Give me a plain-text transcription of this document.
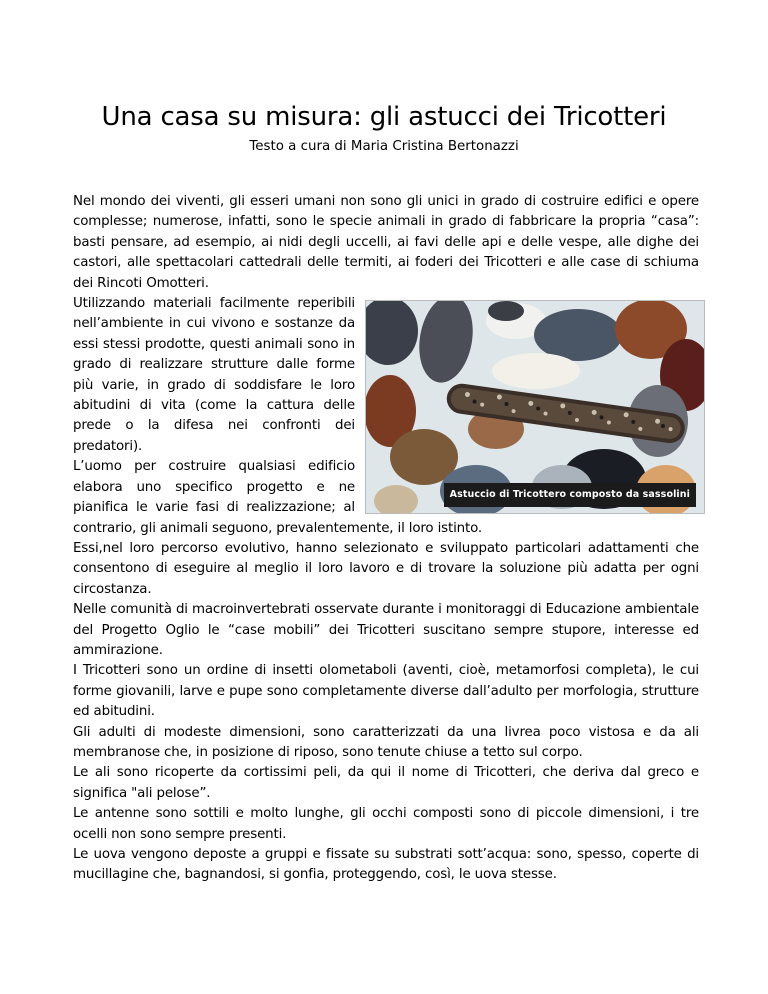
Una casa su misura: gli astucci dei Tricotteri
Testo a cura di Maria Cristina Bertonazzi

Nel mondo dei viventi, gli esseri umani non sono gli unici in grado di costruire edifici e opere complesse; numerose, infatti, sono le specie animali in grado di fabbricare la propria “casa”: basti pensare, ad esempio, ai nidi degli uccelli, ai favi delle api e delle vespe, alle dighe dei castori, alle spettacolari cattedrali delle termiti, ai foderi dei Tricotteri e alle case di schiuma dei Rincoti Omotteri.

Astuccio di Tricottero composto da sassolini

Utilizzando materiali facilmente reperibili nell’ambiente in cui vivono e sostanze da essi stessi prodotte, questi animali sono in grado di realizzare strutture dalle forme più varie, in grado di soddisfare le loro abitudini di vita (come la cattura delle prede o la difesa nei confronti dei predatori).

L’uomo per costruire qualsiasi edificio elabora uno specifico progetto e ne pianifica le varie fasi di realizzazione; al contrario, gli animali seguono, prevalentemente, il loro istinto.

Essi,nel loro percorso evolutivo, hanno selezionato e sviluppato particolari adattamenti che consentono di eseguire al meglio il loro lavoro e di trovare la soluzione più adatta per ogni circostanza.

Nelle comunità di macroinvertebrati osservate durante i monitoraggi di Educazione ambientale del Progetto Oglio le “case mobili” dei Tricotteri suscitano sempre stupore, interesse ed ammirazione.

I Tricotteri sono un ordine di insetti olometaboli (aventi, cioè, metamorfosi completa), le cui forme giovanili, larve e pupe sono completamente diverse dall’adulto per morfologia, strutture ed abitudini.

Gli adulti di modeste dimensioni, sono caratterizzati da una livrea poco vistosa e da ali membranose che, in posizione di riposo, sono tenute chiuse a tetto sul corpo.

Le ali sono ricoperte da cortissimi peli, da qui il nome di Tricotteri, che deriva dal greco e significa "ali pelose”.

Le antenne sono sottili e molto lunghe, gli occhi composti sono di piccole dimensioni, i tre ocelli non sono sempre presenti.

Le uova vengono deposte a gruppi e fissate su substrati sott’acqua: sono, spesso, coperte di mucillagine che, bagnandosi, si gonfia, proteggendo, così, le uova stesse.
